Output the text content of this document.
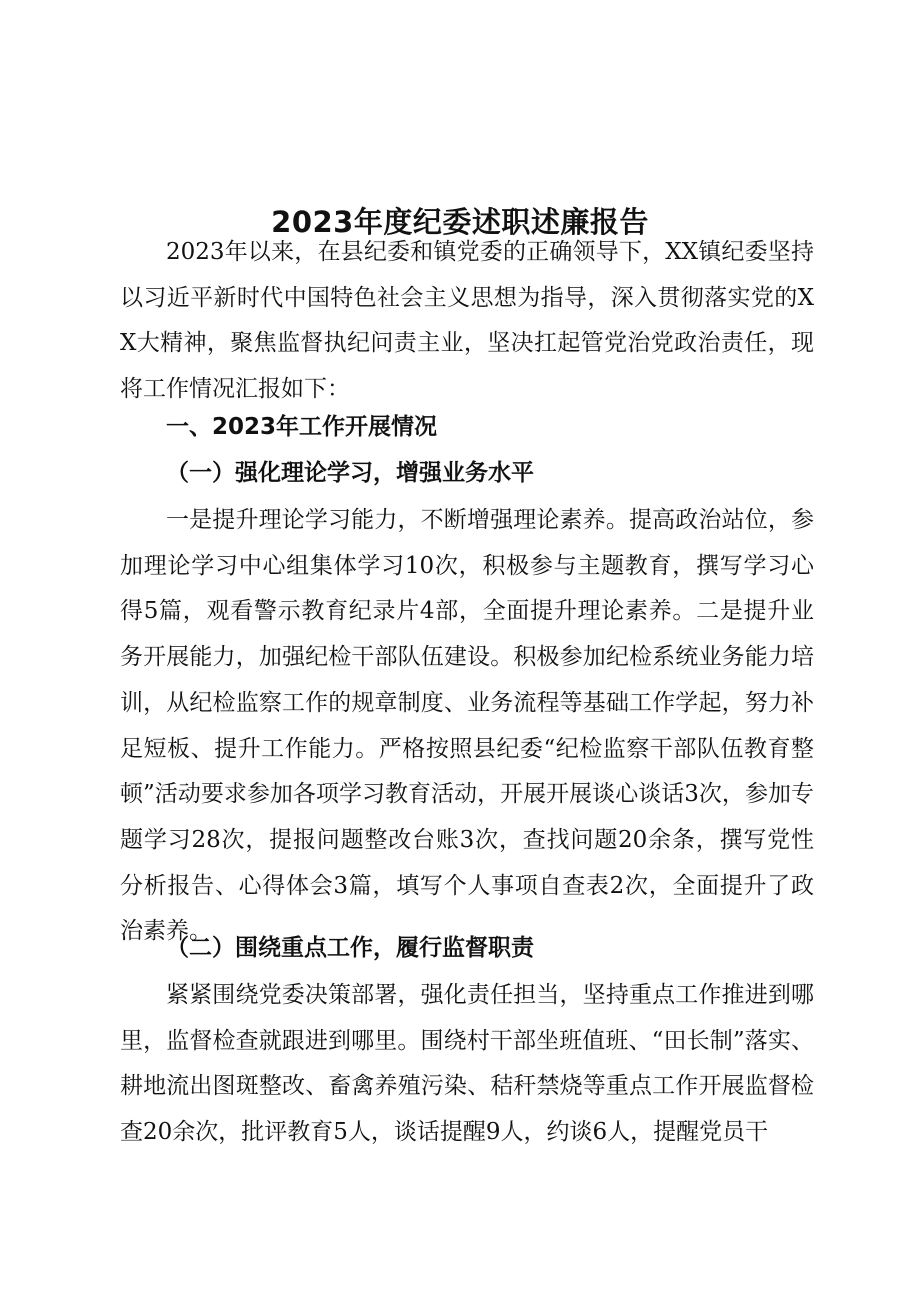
2023年度纪委述职述廉报告

2023年以来，在县纪委和镇党委的正确领导下，XX镇纪委坚持以习近平新时代中国特色社会主义思想为指导，深入贯彻落实党的XX大精神，聚焦监督执纪问责主业，坚决扛起管党治党政治责任，现将工作情况汇报如下：

一、2023年工作开展情况
（一）强化理论学习，增强业务水平

一是提升理论学习能力，不断增强理论素养。提高政治站位，参加理论学习中心组集体学习10次，积极参与主题教育，撰写学习心得5篇，观看警示教育纪录片4部，全面提升理论素养。二是提升业务开展能力，加强纪检干部队伍建设。积极参加纪检系统业务能力培训，从纪检监察工作的规章制度、业务流程等基础工作学起，努力补足短板、提升工作能力。严格按照县纪委“纪检监察干部队伍教育整顿”活动要求参加各项学习教育活动，开展开展谈心谈话3次，参加专题学习28次，提报问题整改台账3次，查找问题20余条，撰写党性分析报告、心得体会3篇，填写个人事项自查表2次，全面提升了政治素养。

（二）围绕重点工作，履行监督职责

紧紧围绕党委决策部署，强化责任担当，坚持重点工作推进到哪里，监督检查就跟进到哪里。围绕村干部坐班值班、“田长制”落实、耕地流出图斑整改、畜禽养殖污染、秸秆禁烧等重点工作开展监督检查20余次，批评教育5人，谈话提醒9人，约谈6人，提醒党员干
